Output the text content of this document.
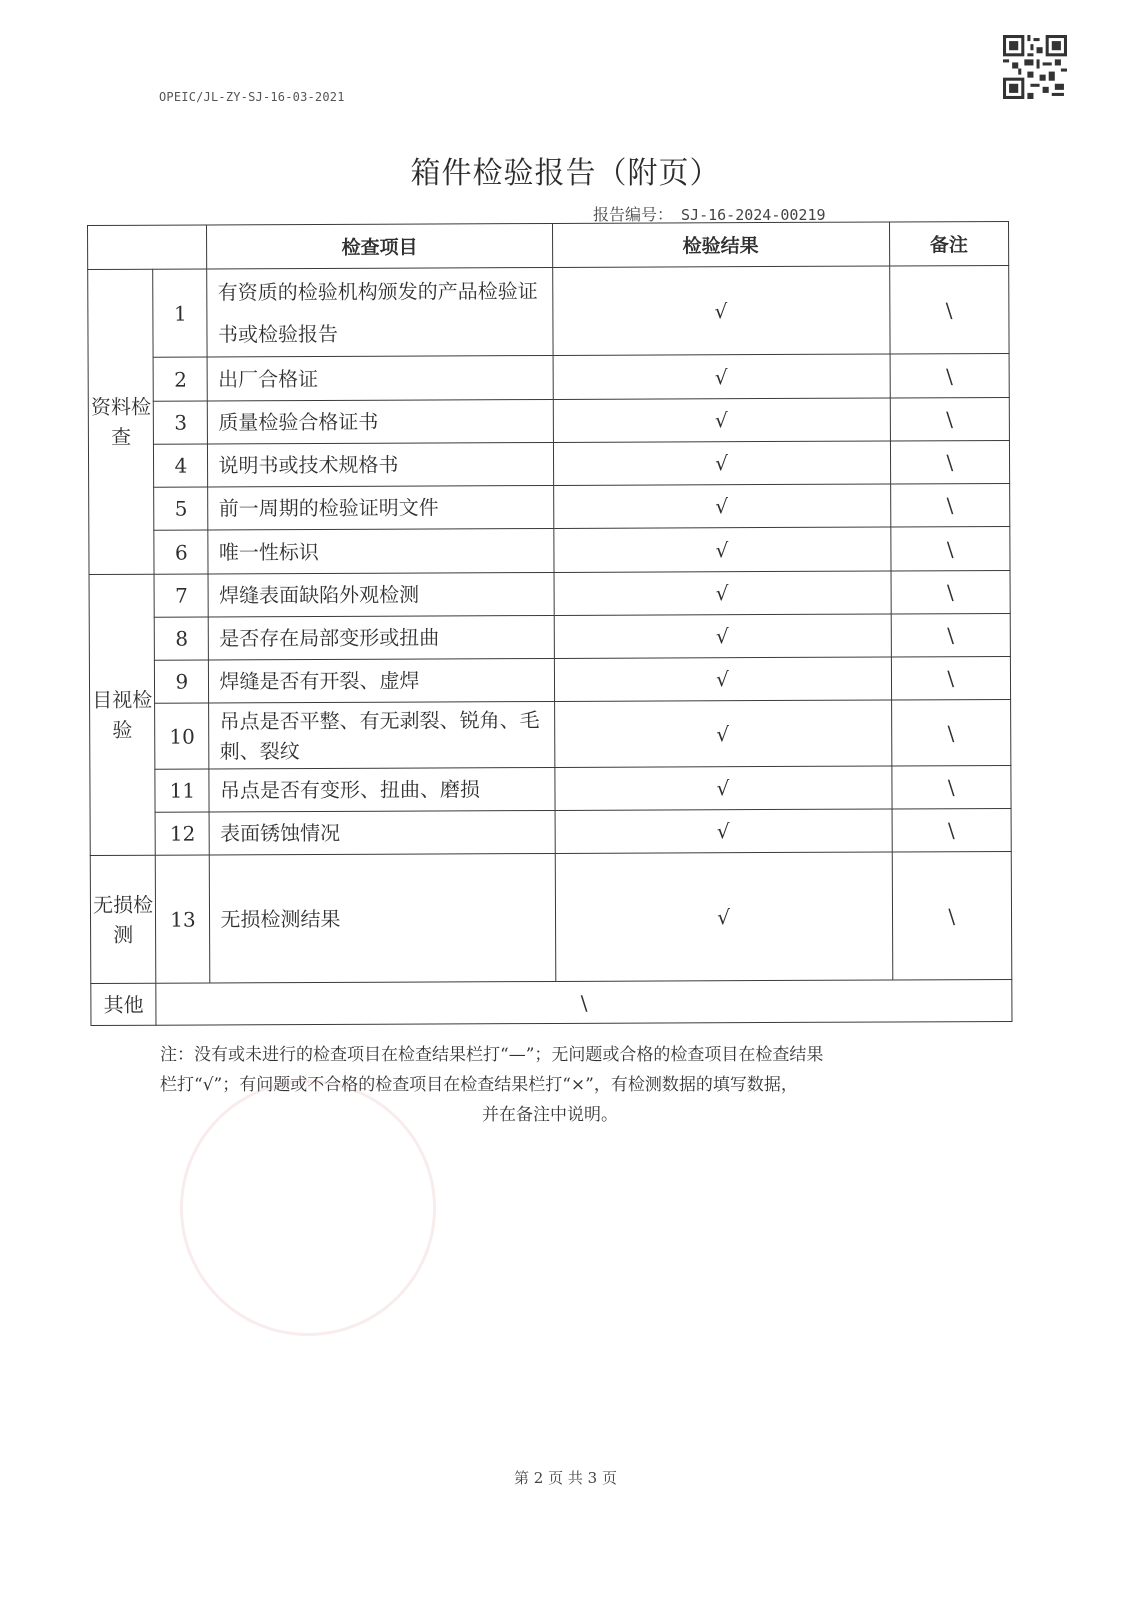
OPEIC/JL-ZY-SJ-16-03-2021
箱件检验报告（附页）
报告编号： SJ-16-2024-00219
		检查项目	检验结果	备注
资料检查	1	有资质的检验机构颁发的产品检验证书或检验报告	√	\
	2	出厂合格证	√	\
	3	质量检验合格证书	√	\
	4	说明书或技术规格书	√	\
	5	前一周期的检验证明文件	√	\
	6	唯一性标识	√	\
目视检验	7	焊缝表面缺陷外观检测	√	\
	8	是否存在局部变形或扭曲	√	\
	9	焊缝是否有开裂、虚焊	√	\
	10	吊点是否平整、有无剥裂、锐角、毛刺、裂纹	√	\
	11	吊点是否有变形、扭曲、磨损	√	\
	12	表面锈蚀情况	√	\
无损检测	13	无损检测结果	√	\
其他	\			
注：没有或未进行的检查项目在检查结果栏打“—”；无问题或合格的检查项目在检查结果
栏打“√”；有问题或不合格的检查项目在检查结果栏打“×”，有检测数据的填写数据，

并在备注中说明。
第 2 页 共 3 页
